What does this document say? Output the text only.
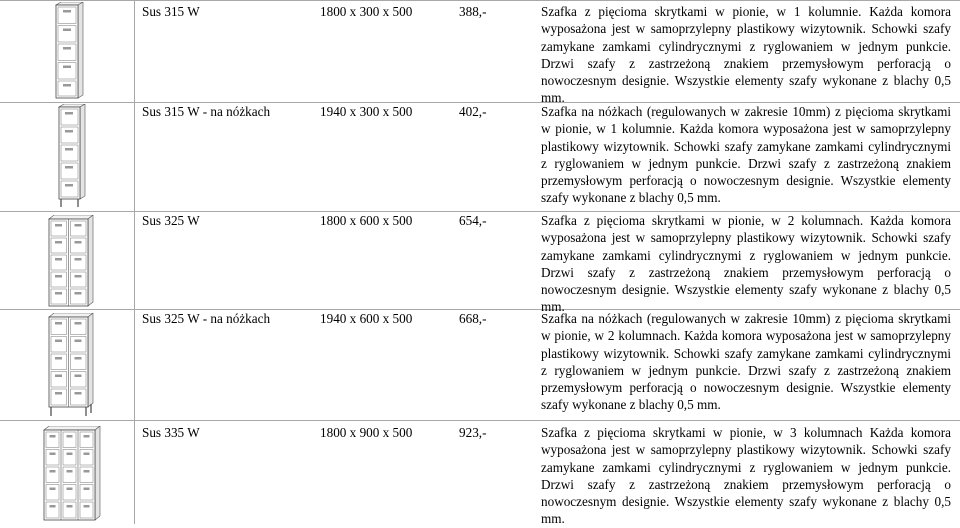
Sus 315 W	1800 x 300 x 500	388,-	Szafka z pięcioma skrytkami w pionie, w 1 kolumnie. Każda komora wyposażona jest w samoprzylepny plastikowy wizytownik. Schowki szafy zamykane zamkami cylindrycznymi z ryglowaniem w jednym punkcie. Drzwi szafy z zastrzeżoną znakiem przemysłowym perforacją o nowoczesnym designie. Wszystkie elementy szafy wykonane z blachy 0,5 mm.
Sus 315 W - na nóżkach	1940 x 300 x 500	402,-	Szafka na nóżkach (regulowanych w zakresie 10mm) z pięcioma skrytkami w pionie, w 1 kolumnie. Każda komora wyposażona jest w samoprzylepny plastikowy wizytownik. Schowki szafy zamykane zamkami cylindrycznymi z ryglowaniem w jednym punkcie. Drzwi szafy z zastrzeżoną znakiem przemysłowym perforacją o nowoczesnym designie. Wszystkie elementy szafy wykonane z blachy 0,5 mm.
Sus 325 W	1800 x 600 x 500	654,-	Szafka z pięcioma skrytkami w pionie, w 2 kolumnach. Każda komora wyposażona jest w samoprzylepny plastikowy wizytownik. Schowki szafy zamykane zamkami cylindrycznymi z ryglowaniem w jednym punkcie. Drzwi szafy z zastrzeżoną znakiem przemysłowym perforacją o nowoczesnym designie. Wszystkie elementy szafy wykonane z blachy 0,5 mm.
Sus 325 W - na nóżkach	1940 x 600 x 500	668,-	Szafka na nóżkach (regulowanych w zakresie 10mm) z pięcioma skrytkami w pionie, w 2 kolumnach. Każda komora wyposażona jest w samoprzylepny plastikowy wizytownik. Schowki szafy zamykane zamkami cylindrycznymi z ryglowaniem w jednym punkcie. Drzwi szafy z zastrzeżoną znakiem przemysłowym perforacją o nowoczesnym designie. Wszystkie elementy szafy wykonane z blachy 0,5 mm.
Sus 335 W	1800 x 900 x 500	923,-	Szafka z pięcioma skrytkami w pionie, w 3 kolumnach Każda komora wyposażona jest w samoprzylepny plastikowy wizytownik. Schowki szafy zamykane zamkami cylindrycznymi z ryglowaniem w jednym punkcie. Drzwi szafy z zastrzeżoną znakiem przemysłowym perforacją o nowoczesnym designie. Wszystkie elementy szafy wykonane z blachy 0,5 mm.
